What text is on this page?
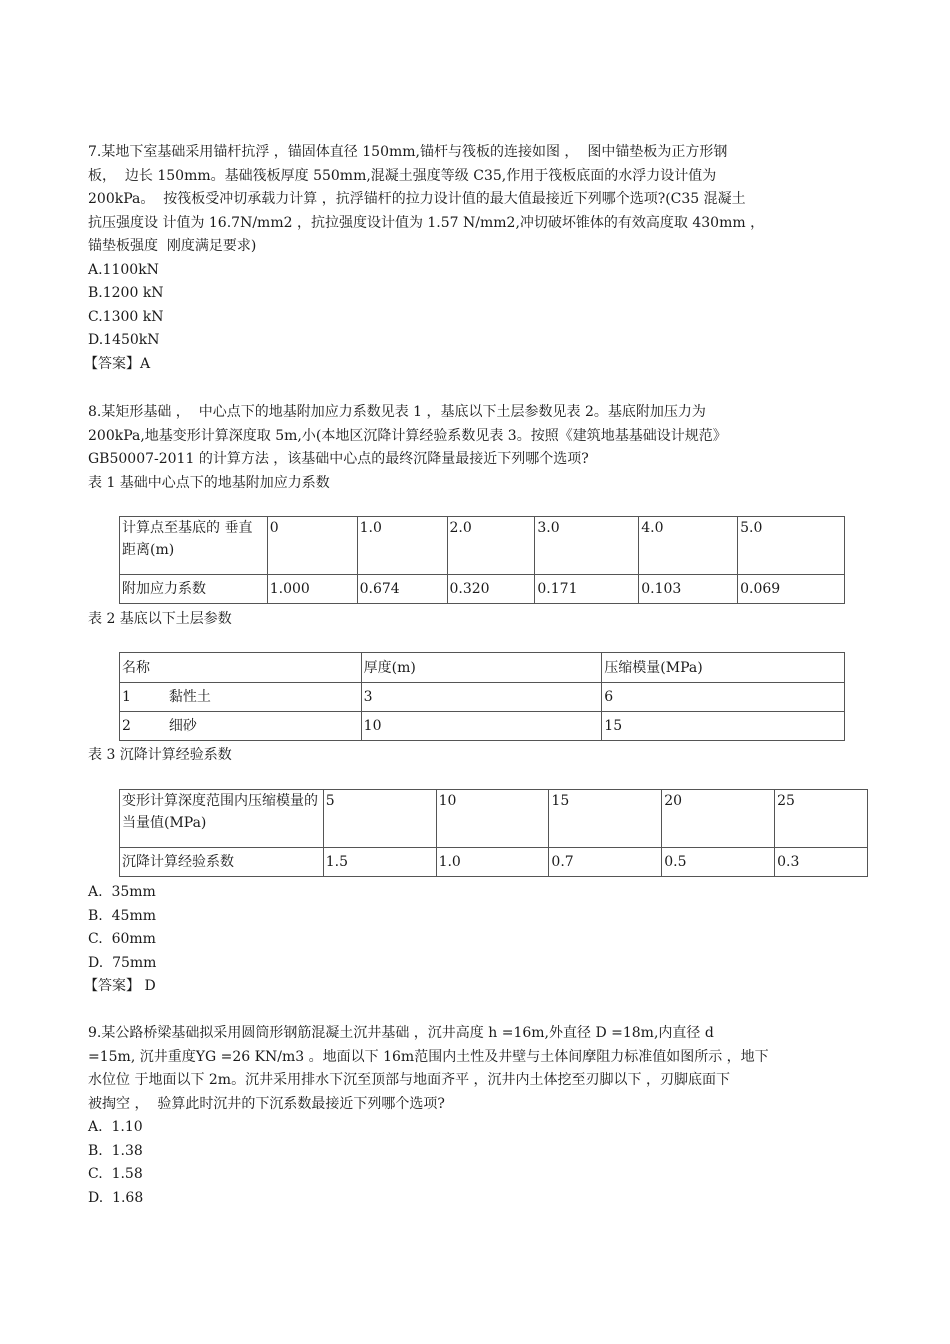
7.某地下室基础采用锚杆抗浮 ，锚固体直径 150mm,锚杆与筏板的连接如图 ，  图中锚垫板为正方形钢
板，  边长 150mm。基础筏板厚度 550mm,混凝土强度等级 C35,作用于筏板底面的水浮力设计值为
200kPa。  按筏板受冲切承载力计算 ，抗浮锚杆的拉力设计值的最大值最接近下列哪个选项?(C35 混凝土
抗压强度设 计值为 16.7N/mm2 ，抗拉强度设计值为 1.57 N/mm2,冲切破坏锥体的有效高度取 430mm ，
锚垫板强度  刚度满足要求)
A.1100kN
B.1200 kN
C.1300 kN
D.1450kN
【答案】A
8.某矩形基础 ，  中心点下的地基附加应力系数见表 1 ，基底以下土层参数见表 2。基底附加压力为
200kPa,地基变形计算深度取 5m,小(本地区沉降计算经验系数见表 3。按照《建筑地基基础设计规范》
GB50007-2011 的计算方法 ，该基础中心点的最终沉降量最接近下列哪个选项?
表 1 基础中心点下的地基附加应力系数
计算点至基底的 垂直距离(m)	0	1.0	2.0	3.0	4.0	5.0
附加应力系数	1.000	0.674	0.320	0.171	0.103	0.069
表 2 基底以下土层参数
名称	厚度(m)	压缩模量(MPa)
1 黏性土	3	6
2 细砂	10	15
表 3 沉降计算经验系数
变形计算深度范围内压缩模量的当量值(MPa)	5	10	15	20	25
沉降计算经验系数	1.5	1.0	0.7	0.5	0.3
A.  35mm
B.  45mm
C.  60mm
D.  75mm
【答案】 D
9.某公路桥梁基础拟采用圆筒形钢筋混凝土沉井基础 ，沉井高度 h =16m,外直径 D =18m,内直径 d
=15m, 沉井重度YG =26 KN/m3 。地面以下 16m范围内土性及井壁与土体间摩阻力标准值如图所示 ，地下
水位位 于地面以下 2m。沉井采用排水下沉至顶部与地面齐平 ，沉井内土体挖至刃脚以下 ，刃脚底面下
被掏空 ，  验算此时沉井的下沉系数最接近下列哪个选项?
A.  1.10
B.  1.38
C.  1.58
D.  1.68
